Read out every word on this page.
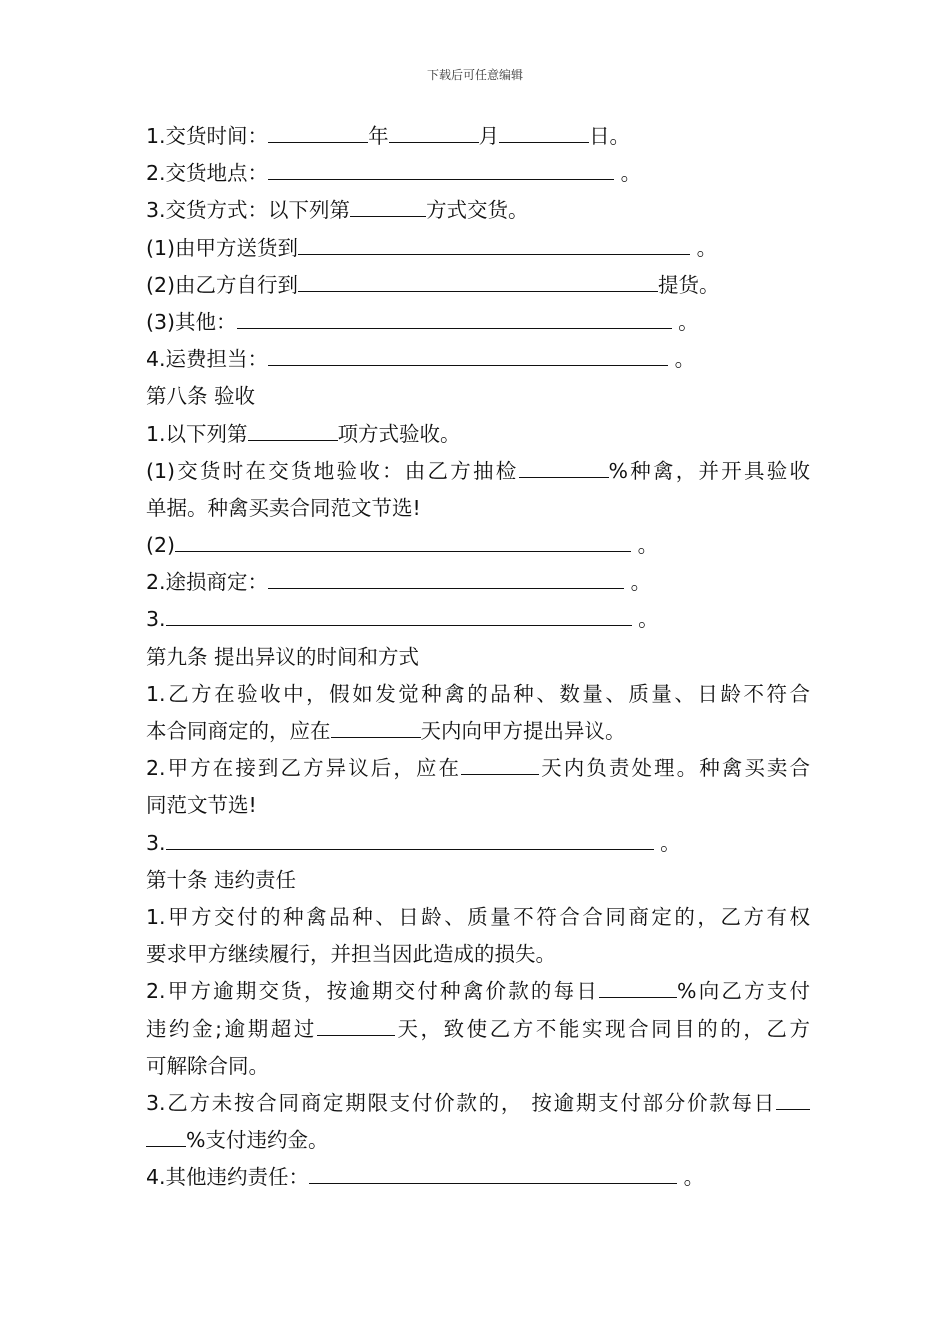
下载后可任意编辑
1.交货时间：	年	月	日。
2.交货地点：	。
3.交货方式：以下列第	方式交货。
(1)由甲方送货到	。
(2)由乙方自行到	提货。
(3)其他：	。
4.运费担当：	。
第八条 验收
1.以下列第	项方式验收。
(1)交货时在交货地验收：由乙方抽检	%种禽，并开具验收
单据。种禽买卖合同范文节选!
(2)	。
2.途损商定：	。
3.	。
第九条 提出异议的时间和方式
1.乙方在验收中，假如发觉种禽的品种、数量、质量、日龄不符合
本合同商定的，应在	天内向甲方提出异议。
2.甲方在接到乙方异议后，应在	天内负责处理。种禽买卖合
同范文节选!
3.	。
第十条 违约责任
1.甲方交付的种禽品种、日龄、质量不符合合同商定的，乙方有权
要求甲方继续履行，并担当因此造成的损失。
2.甲方逾期交货，按逾期交付种禽价款的每日	%向乙方支付
违约金;逾期超过	天，致使乙方不能实现合同目的的，乙方
可解除合同。
3.乙方未按合同商定期限支付价款的， 按逾期支付部分价款每日
%支付违约金。
4.其他违约责任：	。
